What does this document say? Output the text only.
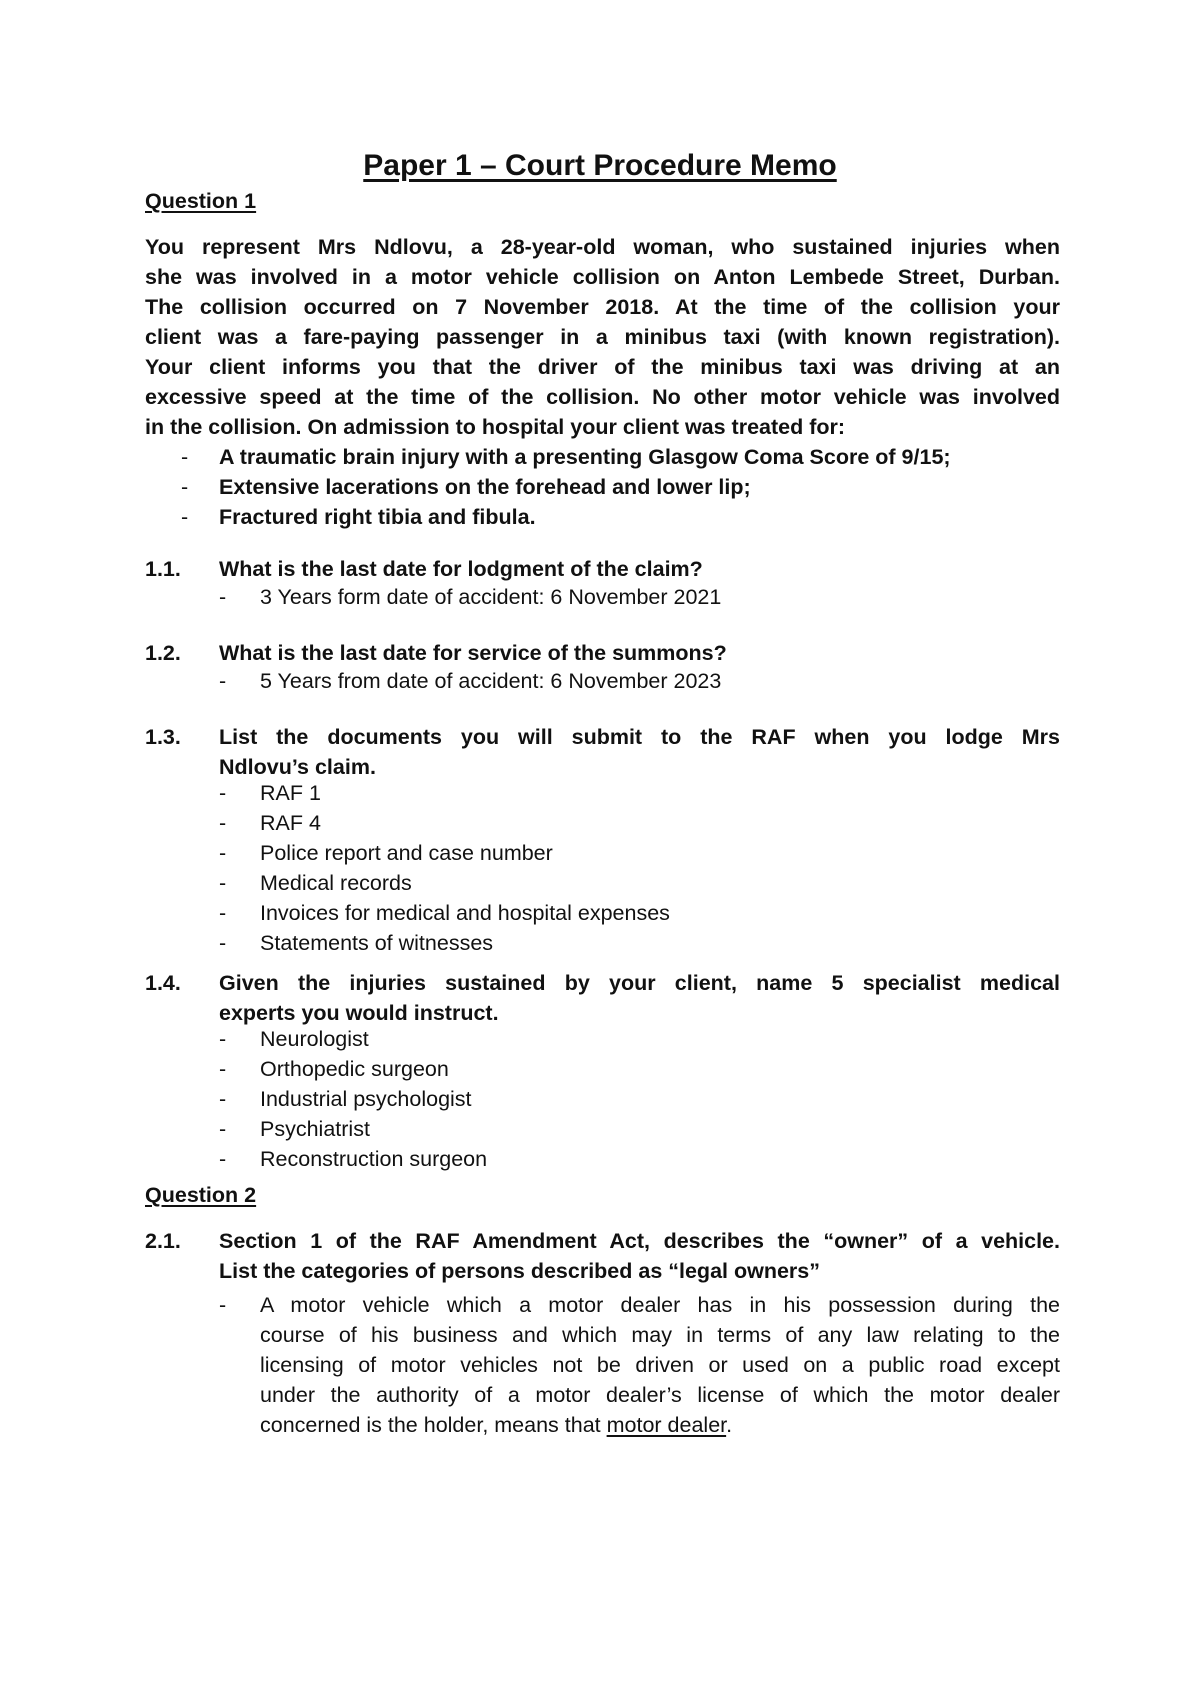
Paper 1 – Court Procedure Memo
Question 1
You represent Mrs Ndlovu, a 28-year-old woman, who sustained injuries when
she was involved in a motor vehicle collision on Anton Lembede Street, Durban.
The collision occurred on 7 November 2018. At the time of the collision your
client was a fare-paying passenger in a minibus taxi (with known registration).
Your client informs you that the driver of the minibus taxi was driving at an
excessive speed at the time of the collision. No other motor vehicle was involved
in the collision. On admission to hospital your client was treated for:
- A traumatic brain injury with a presenting Glasgow Coma Score of 9/15;
- Extensive lacerations on the forehead and lower lip;
- Fractured right tibia and fibula.
1.1. What is the last date for lodgment of the claim?
- 3 Years form date of accident: 6 November 2021
1.2. What is the last date for service of the summons?
- 5 Years from date of accident: 6 November 2023
1.3. List the documents you will submit to the RAF when you lodge Mrs
Ndlovu’s claim.
- RAF 1
- RAF 4
- Police report and case number
- Medical records
- Invoices for medical and hospital expenses
- Statements of witnesses
1.4. Given the injuries sustained by your client, name 5 specialist medical
experts you would instruct.
- Neurologist
- Orthopedic surgeon
- Industrial psychologist
- Psychiatrist
- Reconstruction surgeon
Question 2
2.1. Section 1 of the RAF Amendment Act, describes the “owner” of a vehicle.
List the categories of persons described as “legal owners”
- A motor vehicle which a motor dealer has in his possession during the
course of his business and which may in terms of any law relating to the
licensing of motor vehicles not be driven or used on a public road except
under the authority of a motor dealer’s license of which the motor dealer
concerned is the holder, means that motor dealer.
